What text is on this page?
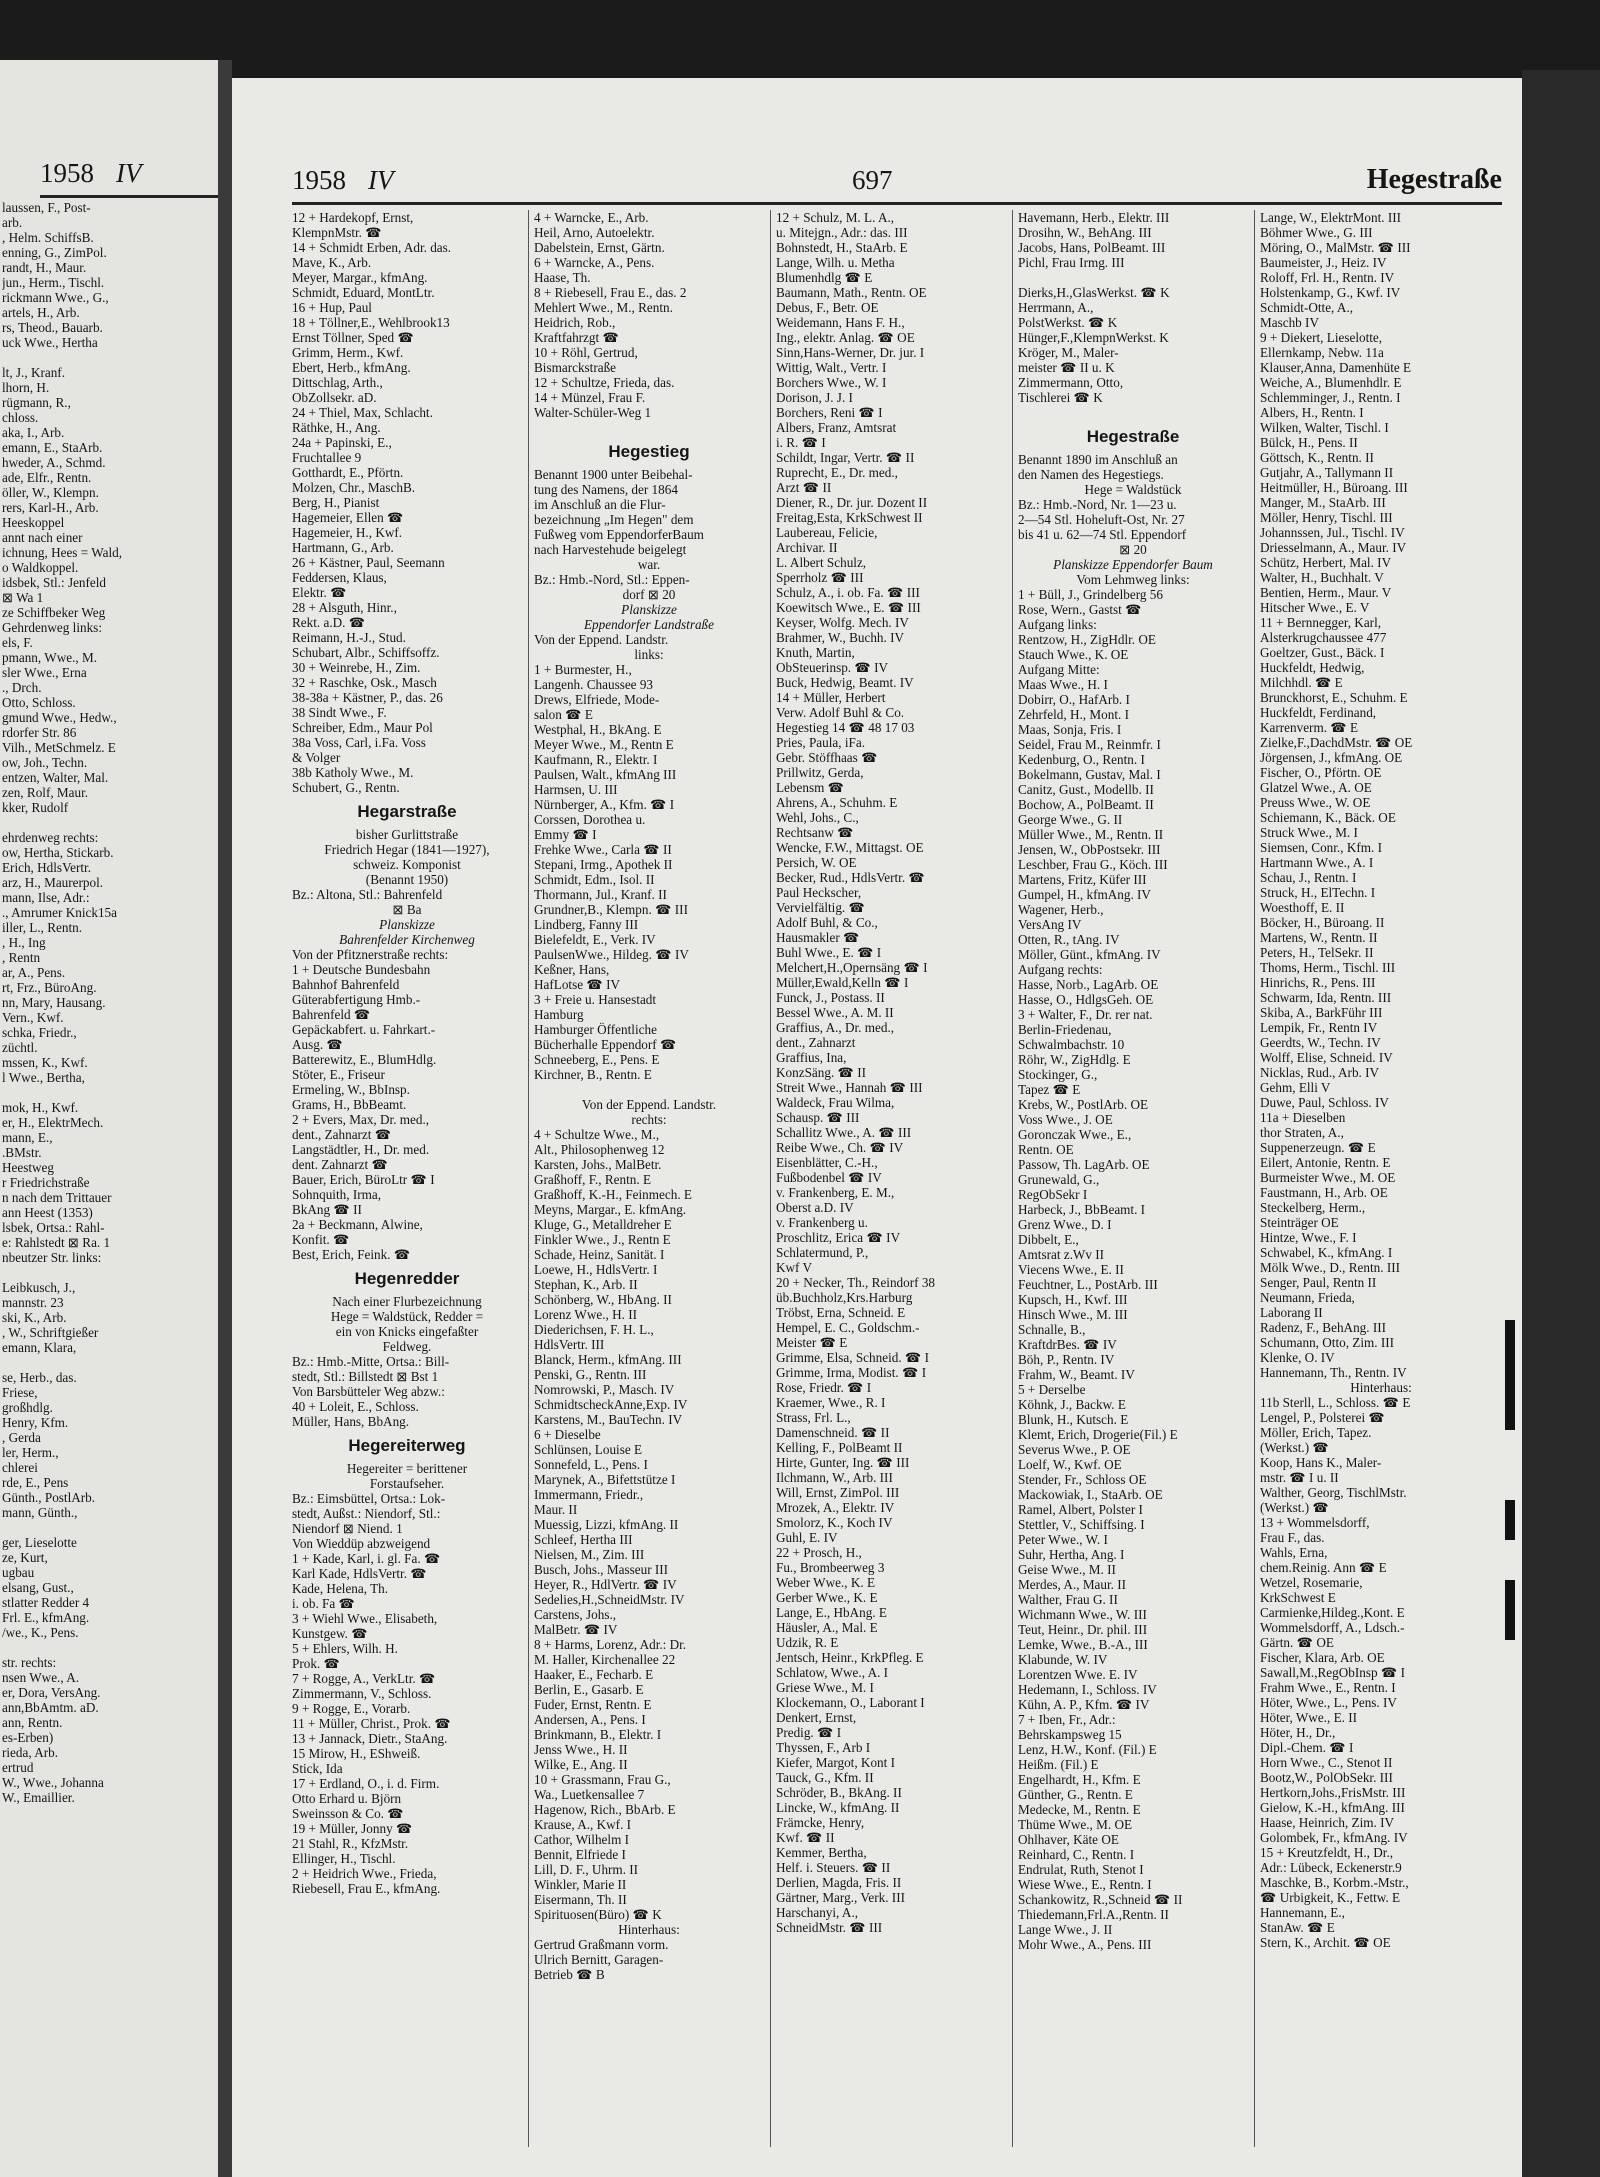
1958 IV
laussen, F., Post-
arb.
, Helm. SchiffsB.
enning, G., ZimPol.
randt, H., Maur.
jun., Herm., Tischl.
rickmann Wwe., G.,
artels, H., Arb.
rs, Theod., Bauarb.
uck Wwe., Hertha
lt, J., Kranf.
lhorn, H.
rügmann, R.,
chloss.
aka, I., Arb.
emann, E., StaArb.
hweder, A., Schmd.
ade, Elfr., Rentn.
öller, W., Klempn.
rers, Karl-H., Arb.
Heeskoppel
annt nach einer
ichnung, Hees = Wald,
o Waldkoppel.
idsbek, Stl.: Jenfeld
⊠ Wa 1
ze Schiffbeker Weg
Gehrdenweg links:
els, F.
pmann, Wwe., M.
sler Wwe., Erna
., Drch.
Otto, Schloss.
gmund Wwe., Hedw.,
rdorfer Str. 86
Vilh., MetSchmelz. E
ow, Joh., Techn.
entzen, Walter, Mal.
zen, Rolf, Maur.
kker, Rudolf
ehrdenweg rechts:
ow, Hertha, Stickarb.
Erich, HdlsVertr.
arz, H., Maurerpol.
mann, Ilse, Adr.:
., Amrumer Knick15a
iller, L., Rentn.
, H., Ing
, Rentn
ar, A., Pens.
rt, Frz., BüroAng.
nn, Mary, Hausang.
Vern., Kwf.
schka, Friedr.,
züchtl.
mssen, K., Kwf.
l Wwe., Bertha,
mok, H., Kwf.
er, H., ElektrMech.
mann, E.,
.BMstr.
Heestweg
r Friedrichstraße
n nach dem Trittauer
ann Heest (1353)
lsbek, Ortsa.: Rahl-
e: Rahlstedt ⊠ Ra. 1
nbeutzer Str. links:
Leibkusch, J.,
mannstr. 23
ski, K., Arb.
, W., Schriftgießer
emann, Klara,
se, Herb., das.
Friese,
großhdlg.
Henry, Kfm.
, Gerda
ler, Herm.,
chlerei
rde, E., Pens
Günth., PostlArb.
mann, Günth.,
ger, Lieselotte
ze, Kurt,
ugbau
elsang, Gust.,
stlatter Redder 4
Frl. E., kfmAng.
/we., K., Pens.
str. rechts:
nsen Wwe., A.
er, Dora, VersAng.
ann,BbAmtm. aD.
ann, Rentn.
es-Erben)
rieda, Arb.
ertrud
W., Wwe., Johanna
W., Emaillier.
1958 IV	697	Hegestraße
12 + Hardekopf, Ernst,
KlempnMstr. ☎
14 + Schmidt Erben, Adr. das.
Mave, K., Arb.
Meyer, Margar., kfmAng.
Schmidt, Eduard, MontLtr.
16 + Hup, Paul
18 + Töllner,E., Wehlbrook13
Ernst Töllner, Sped ☎
Grimm, Herm., Kwf.
Ebert, Herb., kfmAng.
Dittschlag, Arth.,
ObZollsekr. aD.
24 + Thiel, Max, Schlacht.
Räthke, H., Ang.
24a + Papinski, E.,
Fruchtallee 9
Gotthardt, E., Pförtn.
Molzen, Chr., MaschB.
Berg, H., Pianist
Hagemeier, Ellen ☎
Hagemeier, H., Kwf.
Hartmann, G., Arb.
26 + Kästner, Paul, Seemann
Feddersen, Klaus,
Elektr. ☎
28 + Alsguth, Hinr.,
Rekt. a.D. ☎
Reimann, H.-J., Stud.
Schubart, Albr., Schiffsoffz.
30 + Weinrebe, H., Zim.
32 + Raschke, Osk., Masch
38-38a + Kästner, P., das. 26
38 Sindt Wwe., F.
Schreiber, Edm., Maur Pol
38a Voss, Carl, i.Fa. Voss
& Volger
38b Katholy Wwe., M.
Schubert, G., Rentn.
Hegarstraße
bisher Gurlittstraße
Friedrich Hegar (1841—1927),
schweiz. Komponist
(Benannt 1950)
Bz.: Altona, Stl.: Bahrenfeld
⊠ Ba
Planskizze
Bahrenfelder Kirchenweg
Von der Pfitznerstraße rechts:
1 + Deutsche Bundesbahn
Bahnhof Bahrenfeld
Güterabfertigung Hmb.-
Bahrenfeld ☎
Gepäckabfert. u. Fahrkart.-
Ausg. ☎
Batterewitz, E., BlumHdlg.
Stöter, E., Friseur
Ermeling, W., BbInsp.
Grams, H., BbBeamt.
2 + Evers, Max, Dr. med.,
dent., Zahnarzt ☎
Langstädtler, H., Dr. med.
dent. Zahnarzt ☎
Bauer, Erich, BüroLtr ☎ I
Sohnquith, Irma,
BkAng ☎ II
2a + Beckmann, Alwine,
Konfit. ☎
Best, Erich, Feink. ☎
Hegenredder
Nach einer Flurbezeichnung
Hege = Waldstück, Redder =
ein von Knicks eingefaßter
Feldweg.
Bz.: Hmb.-Mitte, Ortsa.: Bill-
stedt, Stl.: Billstedt ⊠ Bst 1
Von Barsbütteler Weg abzw.:
40 + Loleit, E., Schloss.
Müller, Hans, BbAng.
Hegereiterweg
Hegereiter = berittener
Forstaufseher.
Bz.: Eimsbüttel, Ortsa.: Lok-
stedt, Außst.: Niendorf, Stl.:
Niendorf ⊠ Niend. 1
Von Wieddüp abzweigend
1 + Kade, Karl, i. gl. Fa. ☎
Karl Kade, HdlsVertr. ☎
Kade, Helena, Th.
i. ob. Fa ☎
3 + Wiehl Wwe., Elisabeth,
Kunstgew. ☎
5 + Ehlers, Wilh. H.
Prok. ☎
7 + Rogge, A., VerkLtr. ☎
Zimmermann, V., Schloss.
9 + Rogge, E., Vorarb.
11 + Müller, Christ., Prok. ☎
13 + Jannack, Dietr., StaAng.
15 Mirow, H., EShweiß.
Stick, Ida
17 + Erdland, O., i. d. Firm.
Otto Erhard u. Björn
Sweinsson & Co. ☎
19 + Müller, Jonny ☎
21 Stahl, R., KfzMstr.
Ellinger, H., Tischl.
2 + Heidrich Wwe., Frieda,
Riebesell, Frau E., kfmAng.
4 + Warncke, E., Arb.
Heil, Arno, Autoelektr.
Dabelstein, Ernst, Gärtn.
6 + Warncke, A., Pens.
Haase, Th.
8 + Riebesell, Frau E., das. 2
Mehlert Wwe., M., Rentn.
Heidrich, Rob.,
Kraftfahrzgt ☎
10 + Röhl, Gertrud,
Bismarckstraße
12 + Schultze, Frieda, das.
14 + Münzel, Frau F.
Walter-Schüler-Weg 1
Hegestieg
Benannt 1900 unter Beibehal-
tung des Namens, der 1864
im Anschluß an die Flur-
bezeichnung „Im Hegen" dem
Fußweg vom EppendorferBaum
nach Harvestehude beigelegt
war.
Bz.: Hmb.-Nord, Stl.: Eppen-
dorf ⊠ 20
Planskizze
Eppendorfer Landstraße
Von der Eppend. Landstr.
links:
1 + Burmester, H.,
Langenh. Chaussee 93
Drews, Elfriede, Mode-
salon ☎ E
Westphal, H., BkAng. E
Meyer Wwe., M., Rentn E
Kaufmann, R., Elektr. I
Paulsen, Walt., kfmAng III
Harmsen, U. III
Nürnberger, A., Kfm. ☎ I
Corssen, Dorothea u.
Emmy ☎ I
Frehke Wwe., Carla ☎ II
Stepani, Irmg., Apothek II
Schmidt, Edm., Isol. II
Thormann, Jul., Kranf. II
Grundner,B., Klempn. ☎ III
Lindberg, Fanny III
Bielefeldt, E., Verk. IV
PaulsenWwe., Hildeg. ☎ IV
Keßner, Hans,
HafLotse ☎ IV
3 + Freie u. Hansestadt
Hamburg
Hamburger Öffentliche
Bücherhalle Eppendorf ☎
Schneeberg, E., Pens. E
Kirchner, B., Rentn. E
Von der Eppend. Landstr.
rechts:
4 + Schultze Wwe., M.,
Alt., Philosophenweg 12
Karsten, Johs., MalBetr.
Graßhoff, F., Rentn. E
Graßhoff, K.-H., Feinmech. E
Meyns, Margar., E. kfmAng.
Kluge, G., Metalldreher E
Finkler Wwe., J., Rentn E
Schade, Heinz, Sanität. I
Loewe, H., HdlsVertr. I
Stephan, K., Arb. II
Schönberg, W., HbAng. II
Lorenz Wwe., H. II
Diederichsen, F. H. L.,
HdlsVertr. III
Blanck, Herm., kfmAng. III
Penski, G., Rentn. III
Nomrowski, P., Masch. IV
SchmidtscheckAnne,Exp. IV
Karstens, M., BauTechn. IV
6 + Dieselbe
Schlünsen, Louise E
Sonnefeld, L., Pens. I
Marynek, A., Bifettstütze I
Immermann, Friedr.,
Maur. II
Muessig, Lizzi, kfmAng. II
Schleef, Hertha III
Nielsen, M., Zim. III
Busch, Johs., Masseur III
Heyer, R., HdlVertr. ☎ IV
Sedelies,H.,SchneidMstr. IV
Carstens, Johs.,
MalBetr. ☎ IV
8 + Harms, Lorenz, Adr.: Dr.
M. Haller, Kirchenallee 22
Haaker, E., Fecharb. E
Berlin, E., Gasarb. E
Fuder, Ernst, Rentn. E
Andersen, A., Pens. I
Brinkmann, B., Elektr. I
Jenss Wwe., H. II
Wilke, E., Ang. II
10 + Grassmann, Frau G.,
Wa., Luetkensallee 7
Hagenow, Rich., BbArb. E
Krause, A., Kwf. I
Cathor, Wilhelm I
Bennit, Elfriede I
Lill, D. F., Uhrm. II
Winkler, Marie II
Eisermann, Th. II
Spirituosen(Büro) ☎ K
Hinterhaus:
Gertrud Graßmann vorm.
Ulrich Bernitt, Garagen-
Betrieb ☎ B
12 + Schulz, M. L. A.,
u. Mitejgn., Adr.: das. III
Bohnstedt, H., StaArb. E
Lange, Wilh. u. Metha
Blumenhdlg ☎ E
Baumann, Math., Rentn. OE
Debus, F., Betr. OE
Weidemann, Hans F. H.,
Ing., elektr. Anlag. ☎ OE
Sinn,Hans-Werner, Dr. jur. I
Wittig, Walt., Vertr. I
Borchers Wwe., W. I
Dorison, J. J. I
Borchers, Reni ☎ I
Albers, Franz, Amtsrat
i. R. ☎ I
Schildt, Ingar, Vertr. ☎ II
Ruprecht, E., Dr. med.,
Arzt ☎ II
Diener, R., Dr. jur. Dozent II
Freitag,Esta, KrkSchwest II
Laubereau, Felicie,
Archivar. II
L. Albert Schulz,
Sperrholz ☎ III
Schulz, A., i. ob. Fa. ☎ III
Koewitsch Wwe., E. ☎ III
Keyser, Wolfg. Mech. IV
Brahmer, W., Buchh. IV
Knuth, Martin,
ObSteuerinsp. ☎ IV
Buck, Hedwig, Beamt. IV
14 + Müller, Herbert
Verw. Adolf Buhl & Co.
Hegestieg 14 ☎ 48 17 03
Pries, Paula, iFa.
Gebr. Stöffhaas ☎
Prillwitz, Gerda,
Lebensm ☎
Ahrens, A., Schuhm. E
Wehl, Johs., C.,
Rechtsanw ☎
Wencke, F.W., Mittagst. OE
Persich, W. OE
Becker, Rud., HdlsVertr. ☎
Paul Heckscher,
Vervielfältig. ☎
Adolf Buhl, & Co.,
Hausmakler ☎
Buhl Wwe., E. ☎ I
Melchert,H.,Opernsäng ☎ I
Müller,Ewald,Kelln ☎ I
Funck, J., Postass. II
Bessel Wwe., A. M. II
Graffius, A., Dr. med.,
dent., Zahnarzt
Graffius, Ina,
KonzSäng. ☎ II
Streit Wwe., Hannah ☎ III
Waldeck, Frau Wilma,
Schausp. ☎ III
Schallitz Wwe., A. ☎ III
Reibe Wwe., Ch. ☎ IV
Eisenblätter, C.-H.,
Fußbodenbel ☎ IV
v. Frankenberg, E. M.,
Oberst a.D. IV
v. Frankenberg u.
Proschlitz, Erica ☎ IV
Schlatermund, P.,
Kwf V
20 + Necker, Th., Reindorf 38
üb.Buchholz,Krs.Harburg
Tröbst, Erna, Schneid. E
Hempel, E. C., Goldschm.-
Meister ☎ E
Grimme, Elsa, Schneid. ☎ I
Grimme, Irma, Modist. ☎ I
Rose, Friedr. ☎ I
Kraemer, Wwe., R. I
Strass, Frl. L.,
Damenschneid. ☎ II
Kelling, F., PolBeamt II
Hirte, Gunter, Ing. ☎ III
Ilchmann, W., Arb. III
Will, Ernst, ZimPol. III
Mrozek, A., Elektr. IV
Smolorz, K., Koch IV
Guhl, E. IV
22 + Prosch, H.,
Fu., Brombeerweg 3
Weber Wwe., K. E
Gerber Wwe., K. E
Lange, E., HbAng. E
Häusler, A., Mal. E
Udzik, R. E
Jentsch, Heinr., KrkPfleg. E
Schlatow, Wwe., A. I
Griese Wwe., M. I
Klockemann, O., Laborant I
Denkert, Ernst,
Predig. ☎ I
Thyssen, F., Arb I
Kiefer, Margot, Kont I
Tauck, G., Kfm. II
Schröder, B., BkAng. II
Lincke, W., kfmAng. II
Främcke, Henry,
Kwf. ☎ II
Kemmer, Bertha,
Helf. i. Steuers. ☎ II
Derlien, Magda, Fris. II
Gärtner, Marg., Verk. III
Harschanyi, A.,
SchneidMstr. ☎ III
Havemann, Herb., Elektr. III
Drosihn, W., BehAng. III
Jacobs, Hans, PolBeamt. III
Pichl, Frau Irmg. III
Dierks,H.,GlasWerkst. ☎ K
Herrmann, A.,
PolstWerkst. ☎ K
Hünger,F.,KlempnWerkst. K
Kröger, M., Maler-
meister ☎ II u. K
Zimmermann, Otto,
Tischlerei ☎ K
Hegestraße
Benannt 1890 im Anschluß an
den Namen des Hegestiegs.
Hege = Waldstück
Bz.: Hmb.-Nord, Nr. 1—23 u.
2—54 Stl. Hoheluft-Ost, Nr. 27
bis 41 u. 62—74 Stl. Eppendorf
⊠ 20
Planskizze Eppendorfer Baum
Vom Lehmweg links:
1 + Büll, J., Grindelberg 56
Rose, Wern., Gastst ☎
Aufgang links:
Rentzow, H., ZigHdlr. OE
Stauch Wwe., K. OE
Aufgang Mitte:
Maas Wwe., H. I
Dobirr, O., HafArb. I
Zehrfeld, H., Mont. I
Maas, Sonja, Fris. I
Seidel, Frau M., Reinmfr. I
Kedenburg, O., Rentn. I
Bokelmann, Gustav, Mal. I
Canitz, Gust., Modellb. II
Bochow, A., PolBeamt. II
George Wwe., G. II
Müller Wwe., M., Rentn. II
Jensen, W., ObPostsekr. III
Leschber, Frau G., Köch. III
Martens, Fritz, Küfer III
Gumpel, H., kfmAng. IV
Wagener, Herb.,
VersAng IV
Otten, R., tAng. IV
Möller, Günt., kfmAng. IV
Aufgang rechts:
Hasse, Norb., LagArb. OE
Hasse, O., HdlgsGeh. OE
3 + Walter, F., Dr. rer nat.
Berlin-Friedenau,
Schwalmbachstr. 10
Röhr, W., ZigHdlg. E
Stockinger, G.,
Tapez ☎ E
Krebs, W., PostlArb. OE
Voss Wwe., J. OE
Goronczak Wwe., E.,
Rentn. OE
Passow, Th. LagArb. OE
Grunewald, G.,
RegObSekr I
Harbeck, J., BbBeamt. I
Grenz Wwe., D. I
Dibbelt, E.,
Amtsrat z.Wv II
Viecens Wwe., E. II
Feuchtner, L., PostArb. III
Kupsch, H., Kwf. III
Hinsch Wwe., M. III
Schnalle, B.,
KraftdrBes. ☎ IV
Böh, P., Rentn. IV
Frahm, W., Beamt. IV
5 + Derselbe
Köhnk, J., Backw. E
Blunk, H., Kutsch. E
Klemt, Erich, Drogerie(Fil.) E
Severus Wwe., P. OE
Loelf, W., Kwf. OE
Stender, Fr., Schloss OE
Mackowiak, I., StaArb. OE
Ramel, Albert, Polster I
Stettler, V., Schiffsing. I
Peter Wwe., W. I
Suhr, Hertha, Ang. I
Geise Wwe., M. II
Merdes, A., Maur. II
Walther, Frau G. II
Wichmann Wwe., W. III
Teut, Heinr., Dr. phil. III
Lemke, Wwe., B.-A., III
Klabunde, W. IV
Lorentzen Wwe. E. IV
Hedemann, I., Schloss. IV
Kühn, A. P., Kfm. ☎ IV
7 + Iben, Fr., Adr.:
Behrskampsweg 15
Lenz, H.W., Konf. (Fil.) E
Heißm. (Fil.) E
Engelhardt, H., Kfm. E
Günther, G., Rentn. E
Medecke, M., Rentn. E
Thüme Wwe., M. OE
Ohlhaver, Käte OE
Reinhard, C., Rentn. I
Endrulat, Ruth, Stenot I
Wiese Wwe., E., Rentn. I
Schankowitz, R.,Schneid ☎ II
Thiedemann,Frl.A.,Rentn. II
Lange Wwe., J. II
Mohr Wwe., A., Pens. III
Lange, W., ElektrMont. III
Böhmer Wwe., G. III
Möring, O., MalMstr. ☎ III
Baumeister, J., Heiz. IV
Roloff, Frl. H., Rentn. IV
Holstenkamp, G., Kwf. IV
Schmidt-Otte, A.,
Maschb IV
9 + Diekert, Lieselotte,
Ellernkamp, Nebw. 11a
Klauser,Anna, Damenhüte E
Weiche, A., Blumenhdlr. E
Schlemminger, J., Rentn. I
Albers, H., Rentn. I
Wilken, Walter, Tischl. I
Bülck, H., Pens. II
Göttsch, K., Rentn. II
Gutjahr, A., Tallymann II
Heitmüller, H., Büroang. III
Manger, M., StaArb. III
Möller, Henry, Tischl. III
Johannssen, Jul., Tischl. IV
Driesselmann, A., Maur. IV
Schütz, Herbert, Mal. IV
Walter, H., Buchhalt. V
Bentien, Herm., Maur. V
Hitscher Wwe., E. V
11 + Bernnegger, Karl,
Alsterkrugchaussee 477
Goeltzer, Gust., Bäck. I
Huckfeldt, Hedwig,
Milchhdl. ☎ E
Brunckhorst, E., Schuhm. E
Huckfeldt, Ferdinand,
Karrenverm. ☎ E
Zielke,F.,DachdMstr. ☎ OE
Jörgensen, J., kfmAng. OE
Fischer, O., Pförtn. OE
Glatzel Wwe., A. OE
Preuss Wwe., W. OE
Schiemann, K., Bäck. OE
Struck Wwe., M. I
Siemsen, Conr., Kfm. I
Hartmann Wwe., A. I
Schau, J., Rentn. I
Struck, H., ElTechn. I
Woesthoff, E. II
Böcker, H., Büroang. II
Martens, W., Rentn. II
Peters, H., TelSekr. II
Thoms, Herm., Tischl. III
Hinrichs, R., Pens. III
Schwarm, Ida, Rentn. III
Skiba, A., BarkFühr III
Lempik, Fr., Rentn IV
Geerdts, W., Techn. IV
Wolff, Elise, Schneid. IV
Nicklas, Rud., Arb. IV
Gehm, Elli V
Duwe, Paul, Schloss. IV
11a + Dieselben
thor Straten, A.,
Suppenerzeugn. ☎ E
Eilert, Antonie, Rentn. E
Burmeister Wwe., M. OE
Faustmann, H., Arb. OE
Steckelberg, Herm.,
Steinträger OE
Hintze, Wwe., F. I
Schwabel, K., kfmAng. I
Mölk Wwe., D., Rentn. III
Senger, Paul, Rentn II
Neumann, Frieda,
Laborang II
Radenz, F., BehAng. III
Schumann, Otto, Zim. III
Klenke, O. IV
Hannemann, Th., Rentn. IV
Hinterhaus:
11b Sterll, L., Schloss. ☎ E
Lengel, P., Polsterei ☎
Möller, Erich, Tapez.
(Werkst.) ☎
Koop, Hans K., Maler-
mstr. ☎ I u. II
Walther, Georg, TischlMstr.
(Werkst.) ☎
13 + Wommelsdorff,
Frau F., das.
Wahls, Erna,
chem.Reinig. Ann ☎ E
Wetzel, Rosemarie,
KrkSchwest E
Carmienke,Hildeg.,Kont. E
Wommelsdorff, A., Ldsch.-
Gärtn. ☎ OE
Fischer, Klara, Arb. OE
Sawall,M.,RegObInsp ☎ I
Frahm Wwe., E., Rentn. I
Höter, Wwe., L., Pens. IV
Höter, Wwe., E. II
Höter, H., Dr.,
Dipl.-Chem. ☎ I
Horn Wwe., C., Stenot II
Bootz,W., PolObSekr. III
Hertkorn,Johs.,FrisMstr. III
Gielow, K.-H., kfmAng. III
Haase, Heinrich, Zim. IV
Golombek, Fr., kfmAng. IV
15 + Kreutzfeldt, H., Dr.,
Adr.: Lübeck, Eckenerstr.9
Maschke, B., Korbm.-Mstr.,
☎ Urbigkeit, K., Fettw. E
Hannemann, E.,
StanAw. ☎ E
Stern, K., Archit. ☎ OE
